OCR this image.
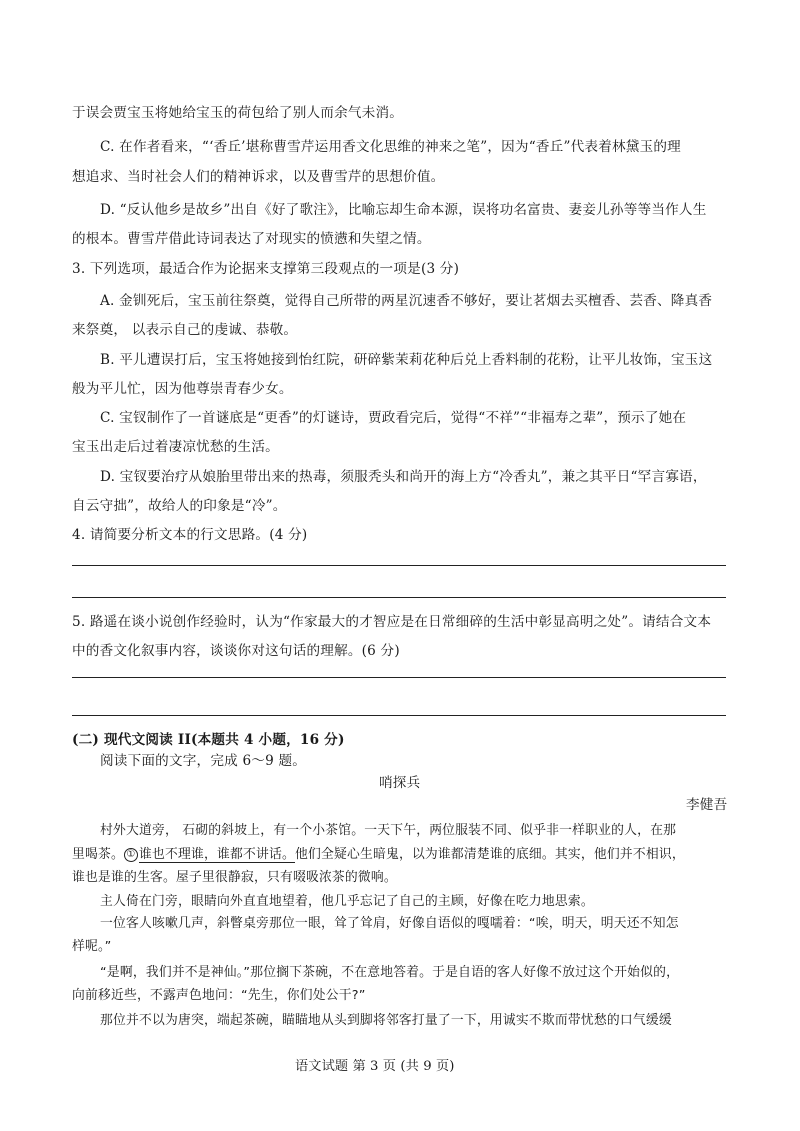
于误会贾宝玉将她给宝玉的荷包给了别人而余气未消。
C. 在作者看来，“‘香丘’堪称曹雪芹运用香文化思维的神来之笔”，因为“香丘”代表着林黛玉的理
想追求、当时社会人们的精神诉求，以及曹雪芹的思想价值。
D. “反认他乡是故乡”出自《好了歌注》，比喻忘却生命本源，误将功名富贵、妻妾儿孙等等当作人生
的根本。曹雪芹借此诗词表达了对现实的愤懑和失望之情。
3. 下列选项，最适合作为论据来支撑第三段观点的一项是(3 分)
A. 金钏死后，宝玉前往祭奠，觉得自己所带的两星沉速香不够好，要让茗烟去买檀香、芸香、降真香
来祭奠， 以表示自己的虔诚、恭敬。
B. 平儿遭误打后，宝玉将她接到怡红院，研碎紫茉莉花种后兑上香料制的花粉，让平儿妆饰，宝玉这
般为平儿忙，因为他尊崇青春少女。
C. 宝钗制作了一首谜底是“更香”的灯谜诗，贾政看完后，觉得“不祥”“非福寿之辈”，预示了她在
宝玉出走后过着凄凉忧愁的生活。
D. 宝钗要治疗从娘胎里带出来的热毒，须服秃头和尚开的海上方“冷香丸”，兼之其平日“罕言寡语，
自云守拙”，故给人的印象是“冷”。
4. 请简要分析文本的行文思路。(4 分)
5. 路遥在谈小说创作经验时，认为“作家最大的才智应是在日常细碎的生活中彰显高明之处”。请结合文本
中的香文化叙事内容，谈谈你对这句话的理解。(6 分)
(二) 现代文阅读 II(本题共 4 小题，16 分)
阅读下面的文字，完成 6～9 题。
哨探兵
李健吾
村外大道旁， 石砌的斜坡上，有一个小茶馆。一天下午，两位服装不同、似乎非一样职业的人，在那
里喝茶。 ① 谁也不理谁，谁都不讲话。他们全疑心生暗鬼，以为谁都清楚谁的底细。其实，他们并不相识，
谁也是谁的生客。屋子里很静寂，只有啜吸浓茶的微响。
主人倚在门旁，眼睛向外直直地望着，他几乎忘记了自己的主顾，好像在吃力地思索。
一位客人咳嗽几声，斜瞥桌旁那位一眼，耸了耸肩，好像自语似的嘎嚅着：“唉，明天，明天还不知怎
样呢。”
“是啊，我们并不是神仙。”那位搁下茶碗，不在意地答着。于是自语的客人好像不放过这个开始似的，
向前移近些，不露声色地问：“先生，你们处公干?”
那位并不以为唐突，端起茶碗，瞄瞄地从头到脚将邻客打量了一下，用诚实不欺而带忧愁的口气缓缓
语文试题 第 3 页 (共 9 页)
